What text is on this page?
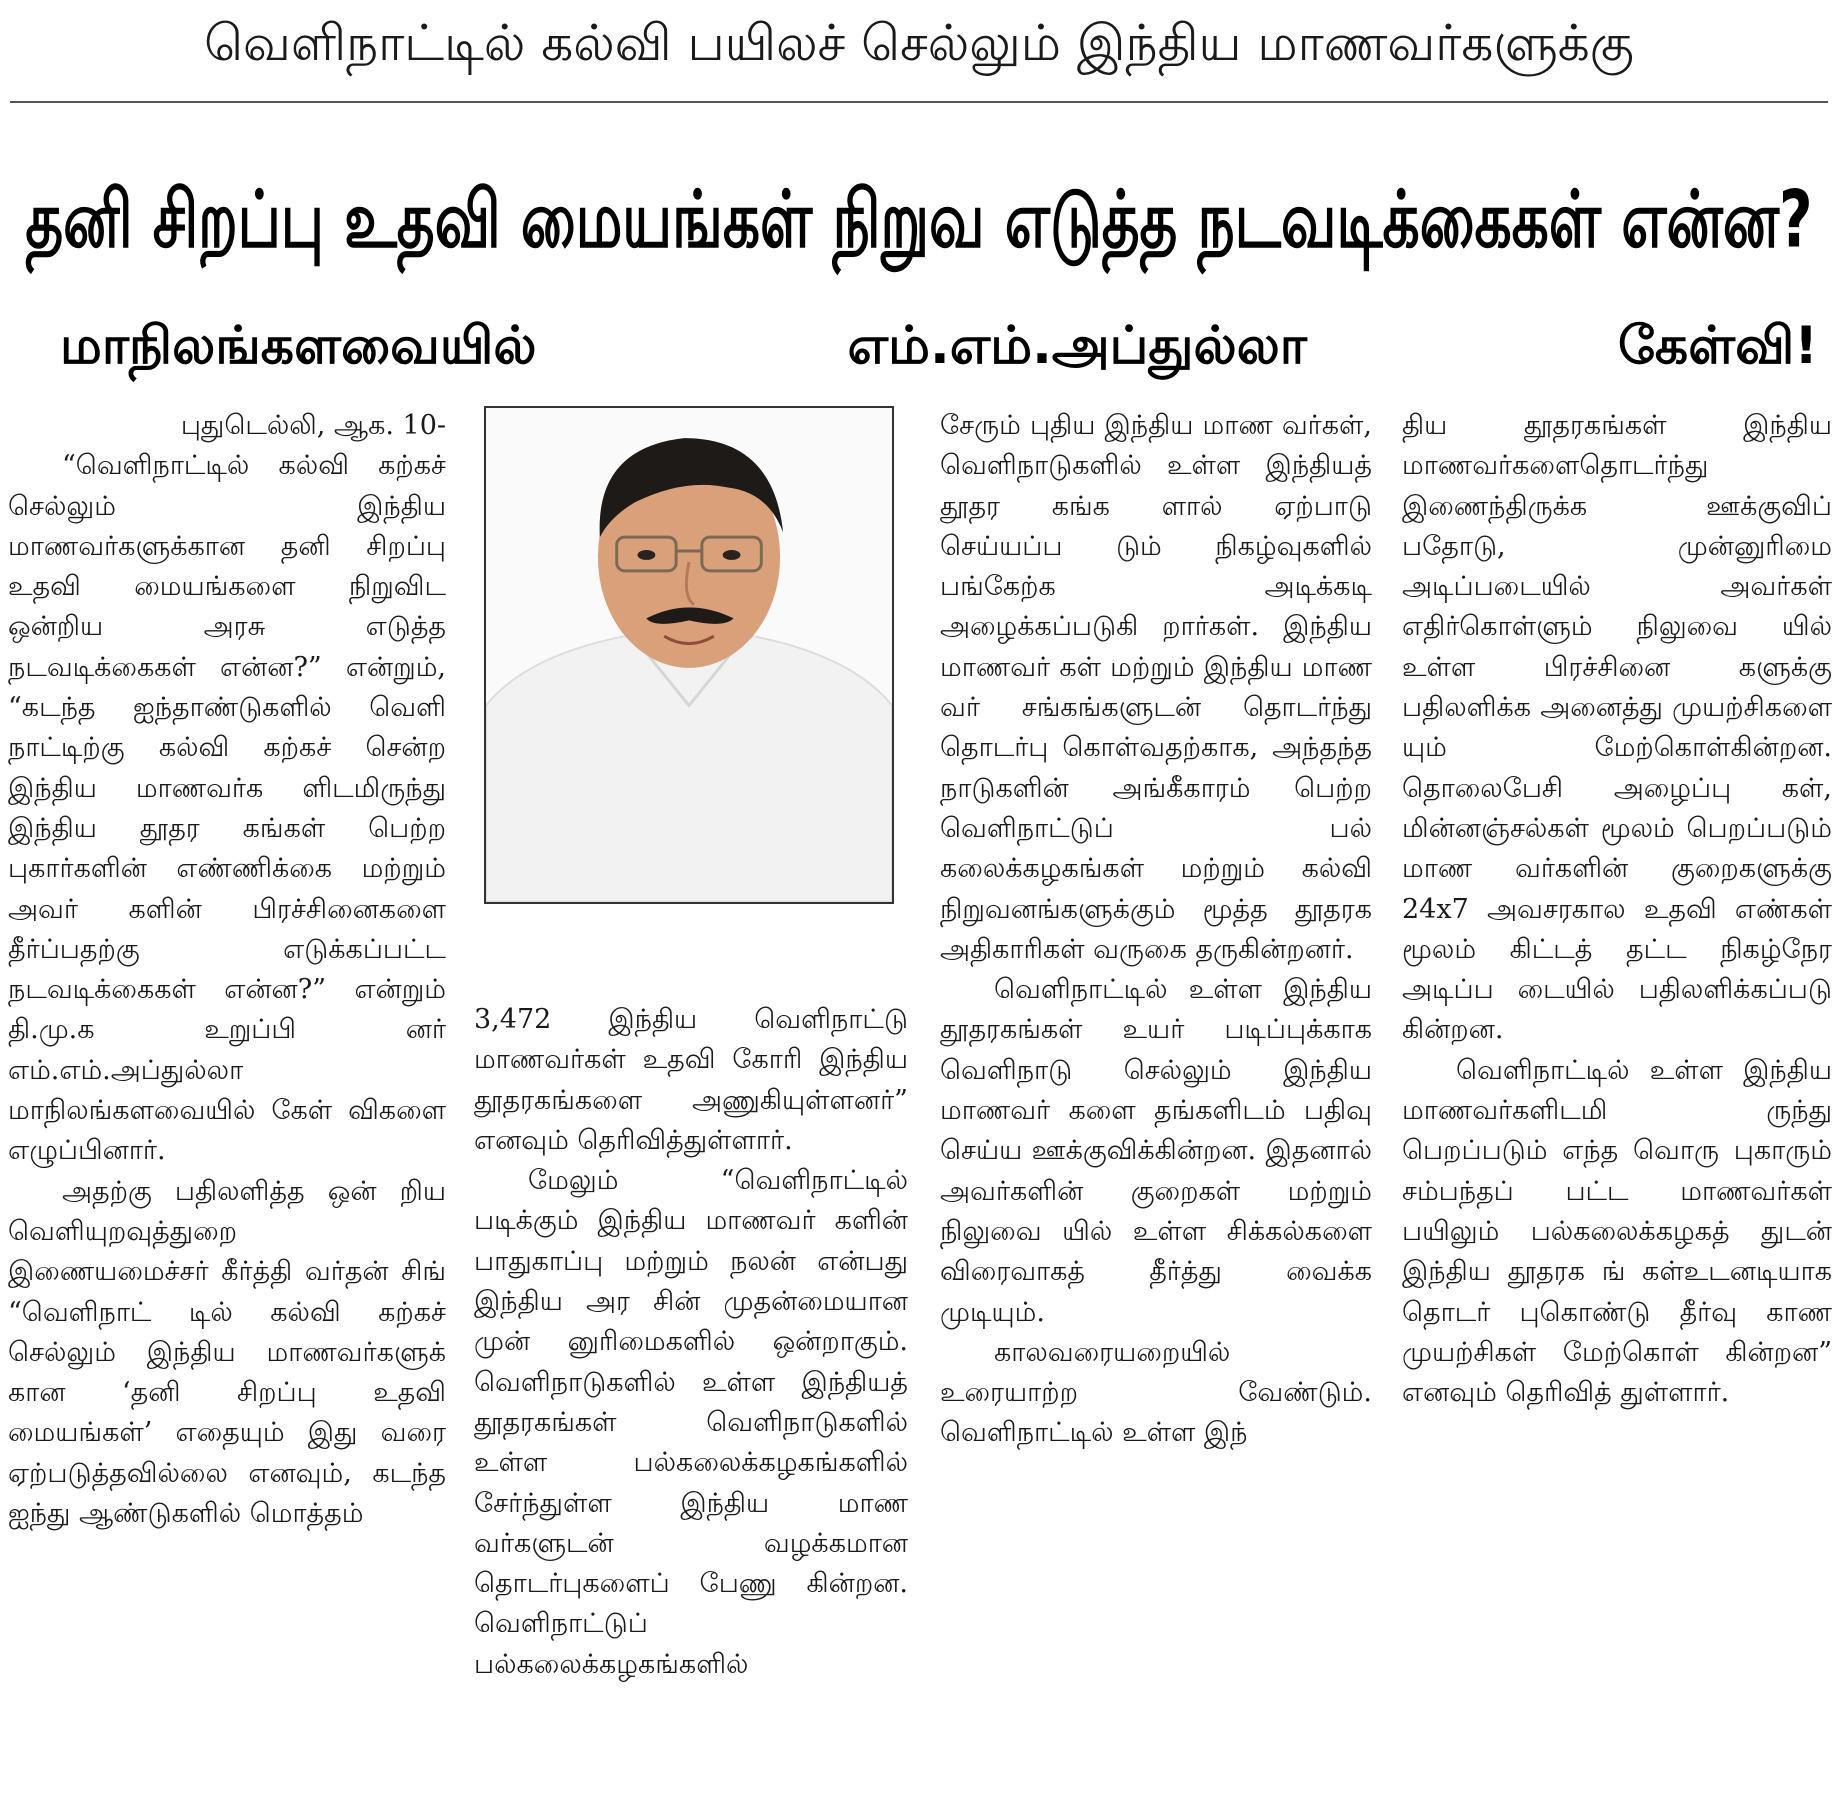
வெளிநாட்டில் கல்வி பயிலச் செல்லும் இந்திய மாணவர்களுக்கு
தனி சிறப்பு உதவி மையங்கள் நிறுவ எடுத்த நடவடிக்கைகள் என்ன?
மாநிலங்களவையில்	எம்.எம்.அப்துல்லா	கேள்வி!
புதுடெல்லி, ஆக. 10-

“வெளிநாட்டில் கல்வி கற்கச் செல்லும் இந்திய மாணவர்களுக்கான தனி சிறப்பு உதவி மையங்களை நிறுவிட ஒன்றிய அரசு எடுத்த நடவடிக்கைகள் என்ன?” என்றும், “கடந்த ஐந்தாண்டுகளில் வெளி நாட்டிற்கு கல்வி கற்கச் சென்ற இந்திய மாணவர்க ளிடமிருந்து இந்திய தூதர கங்கள் பெற்ற புகார்களின் எண்ணிக்கை மற்றும் அவர் களின் பிரச்சினைகளை தீர்ப்பதற்கு எடுக்கப்பட்ட நடவடிக்கைகள் என்ன?” என்றும் தி.மு.க உறுப்பி னர் எம்.எம்.அப்துல்லா மாநிலங்களவையில் கேள் விகளை எழுப்பினார்.

அதற்கு பதிலளித்த ஒன் றிய வெளியுறவுத்துறை இணையமைச்சர் கீர்த்தி வர்தன் சிங் “வெளிநாட் டில் கல்வி கற்கச் செல்லும் இந்திய மாணவர்களுக் கான ‘தனி சிறப்பு உதவி மையங்கள்’ எதையும் இது வரை ஏற்படுத்தவில்லை எனவும், கடந்த ஐந்து ஆண்டுகளில் மொத்தம்

3,472 இந்திய வெளிநாட்டு மாணவர்கள் உதவி கோரி இந்திய தூதரகங்களை அணுகியுள்ளனர்” எனவும் தெரிவித்துள்ளார்.

மேலும் “வெளிநாட்டில் படிக்கும் இந்திய மாணவர் களின் பாதுகாப்பு மற்றும் நலன் என்பது இந்திய அர சின் முதன்மையான முன் னுரிமைகளில் ஒன்றாகும். வெளிநாடுகளில் உள்ள இந்தியத் தூதரகங்கள் வெளிநாடுகளில் உள்ள பல்கலைக்கழகங்களில் சேர்ந்துள்ள இந்திய மாண வர்களுடன் வழக்கமான தொடர்புகளைப் பேணு கின்றன. வெளிநாட்டுப் பல்கலைக்கழகங்களில்

சேரும் புதிய இந்திய மாண வர்கள், வெளிநாடுகளில் உள்ள இந்தியத் தூதர கங்க ளால் ஏற்பாடு செய்யப்ப டும் நிகழ்வுகளில் பங்கேற்க அடிக்கடி அழைக்கப்படுகி றார்கள். இந்திய மாணவர் கள் மற்றும் இந்திய மாண வர் சங்கங்களுடன் தொடர்ந்து தொடர்பு கொள்வதற்காக, அந்தந்த நாடுகளின் அங்கீகாரம் பெற்ற வெளிநாட்டுப் பல் கலைக்கழகங்கள் மற்றும் கல்வி நிறுவனங்களுக்கும் மூத்த தூதரக அதிகாரிகள் வருகை தருகின்றனர்.

வெளிநாட்டில் உள்ள இந்திய தூதரகங்கள் உயர் படிப்புக்காக வெளிநாடு செல்லும் இந்திய மாணவர் களை தங்களிடம் பதிவு செய்ய ஊக்குவிக்கின்றன. இதனால் அவர்களின் குறைகள் மற்றும் நிலுவை யில் உள்ள சிக்கல்களை விரைவாகத் தீர்த்து வைக்க முடியும்.

காலவரையறையில் உரையாற்ற வேண்டும். வெளிநாட்டில் உள்ள இந்

திய தூதரகங்கள் இந்திய மாணவர்களைதொடர்ந்து இணைந்திருக்க ஊக்குவிப் பதோடு, முன்னுரிமை அடிப்படையில் அவர்கள் எதிர்கொள்ளும் நிலுவை யில் உள்ள பிரச்சினை களுக்கு பதிலளிக்க அனைத்து முயற்சிகளை யும் மேற்கொள்கின்றன. தொலைபேசி அழைப்பு கள், மின்னஞ்சல்கள் மூலம் பெறப்படும் மாண வர்களின் குறைகளுக்கு 24x7 அவசரகால உதவி எண்கள் மூலம் கிட்டத் தட்ட நிகழ்நேர அடிப்ப டையில் பதிலளிக்கப்படு கின்றன.

வெளிநாட்டில் உள்ள இந்திய மாணவர்களிடமி ருந்து பெறப்படும் எந்த வொரு புகாரும் சம்பந்தப் பட்ட மாணவர்கள் பயிலும் பல்கலைக்கழகத் துடன் இந்திய தூதரக ங் கள்உடனடியாக தொடர் புகொண்டு தீர்வு காண முயற்சிகள் மேற்கொள் கின்றன” எனவும் தெரிவித் துள்ளார்.
